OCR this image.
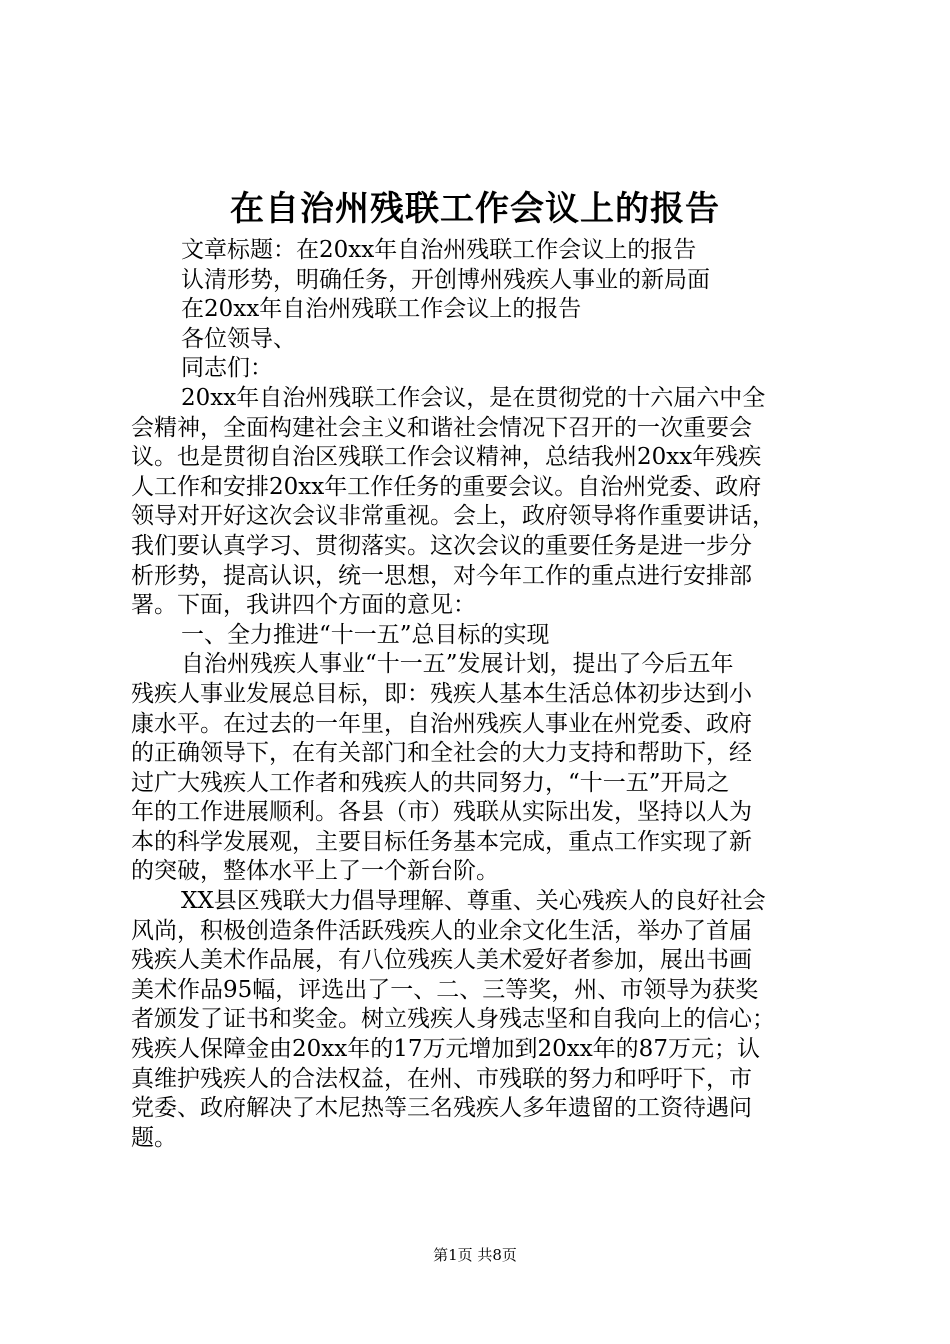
在自治州残联工作会议上的报告

文章标题：在20xx年自治州残联工作会议上的报告

认清形势，明确任务，开创博州残疾人事业的新局面

在20xx年自治州残联工作会议上的报告

各位领导、

同志们：

20xx年自治州残联工作会议，是在贯彻党的十六届六中全

会精神，全面构建社会主义和谐社会情况下召开的一次重要会

议。也是贯彻自治区残联工作会议精神，总结我州20xx年残疾

人工作和安排20xx年工作任务的重要会议。自治州党委、政府

领导对开好这次会议非常重视。会上，政府领导将作重要讲话，

我们要认真学习、贯彻落实。这次会议的重要任务是进一步分

析形势，提高认识，统一思想，对今年工作的重点进行安排部

署。下面，我讲四个方面的意见：

一、全力推进“十一五”总目标的实现

自治州残疾人事业“十一五”发展计划，提出了今后五年

残疾人事业发展总目标，即：残疾人基本生活总体初步达到小

康水平。在过去的一年里，自治州残疾人事业在州党委、政府

的正确领导下，在有关部门和全社会的大力支持和帮助下，经

过广大残疾人工作者和残疾人的共同努力，“十一五”开局之

年的工作进展顺利。各县（市）残联从实际出发，坚持以人为

本的科学发展观，主要目标任务基本完成，重点工作实现了新

的突破，整体水平上了一个新台阶。

XX县区残联大力倡导理解、尊重、关心残疾人的良好社会

风尚，积极创造条件活跃残疾人的业余文化生活，举办了首届

残疾人美术作品展，有八位残疾人美术爱好者参加，展出书画

美术作品95幅，评选出了一、二、三等奖，州、市领导为获奖

者颁发了证书和奖金。树立残疾人身残志坚和自我向上的信心；

残疾人保障金由20xx年的17万元增加到20xx年的87万元；认

真维护残疾人的合法权益，在州、市残联的努力和呼吁下，市

党委、政府解决了木尼热等三名残疾人多年遗留的工资待遇问

题。

第1页 共8页
